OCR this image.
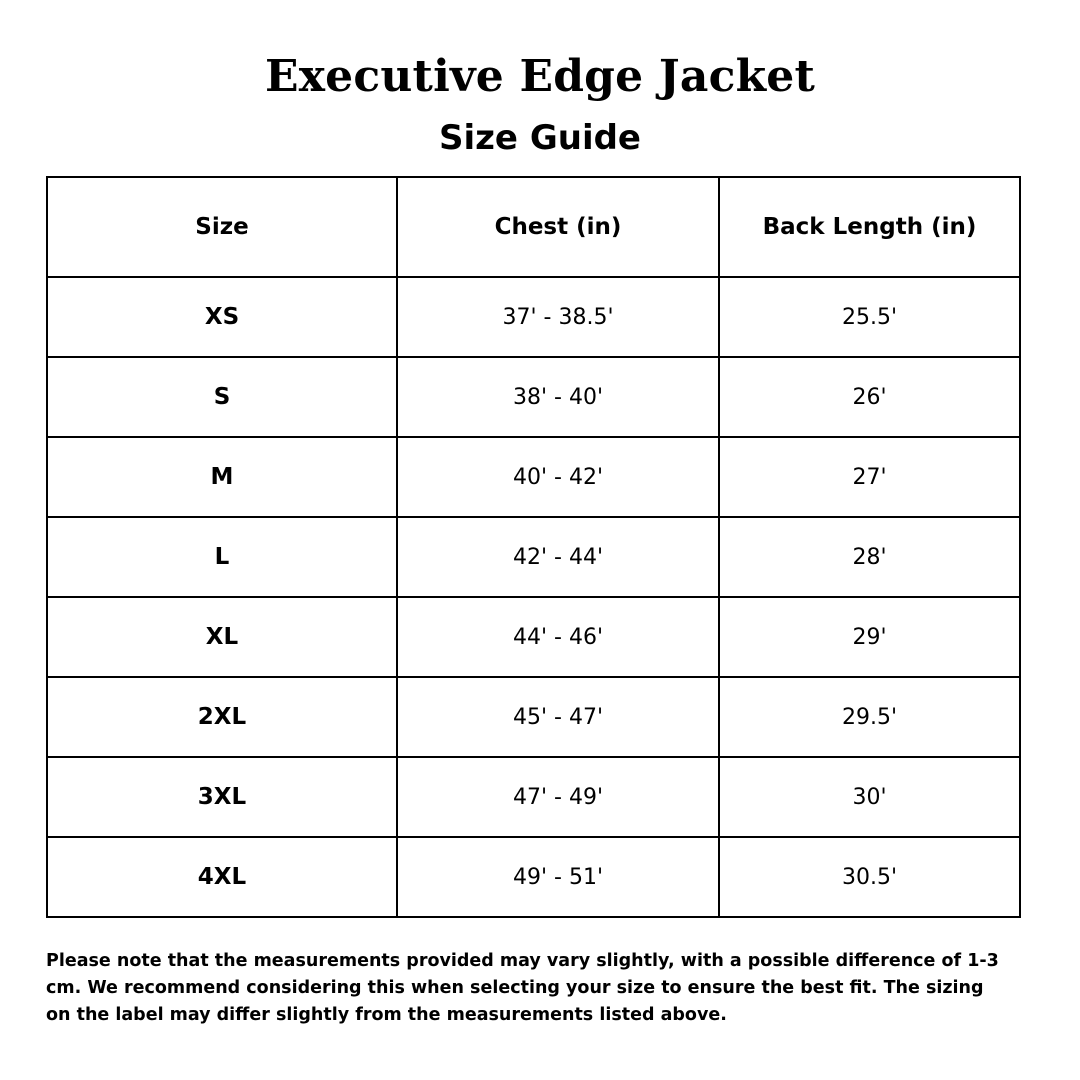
Executive Edge Jacket
Size Guide
Size	Chest (in)	Back Length (in)
XS	37' - 38.5'	25.5'
S	38' - 40'	26'
M	40' - 42'	27'
L	42' - 44'	28'
XL	44' - 46'	29'
2XL	45' - 47'	29.5'
3XL	47' - 49'	30'
4XL	49' - 51'	30.5'

Please note that the measurements provided may vary slightly, with a possible difference of 1-3 cm. We recommend considering this when selecting your size to ensure the best fit. The sizing on the label may differ slightly from the measurements listed above.
